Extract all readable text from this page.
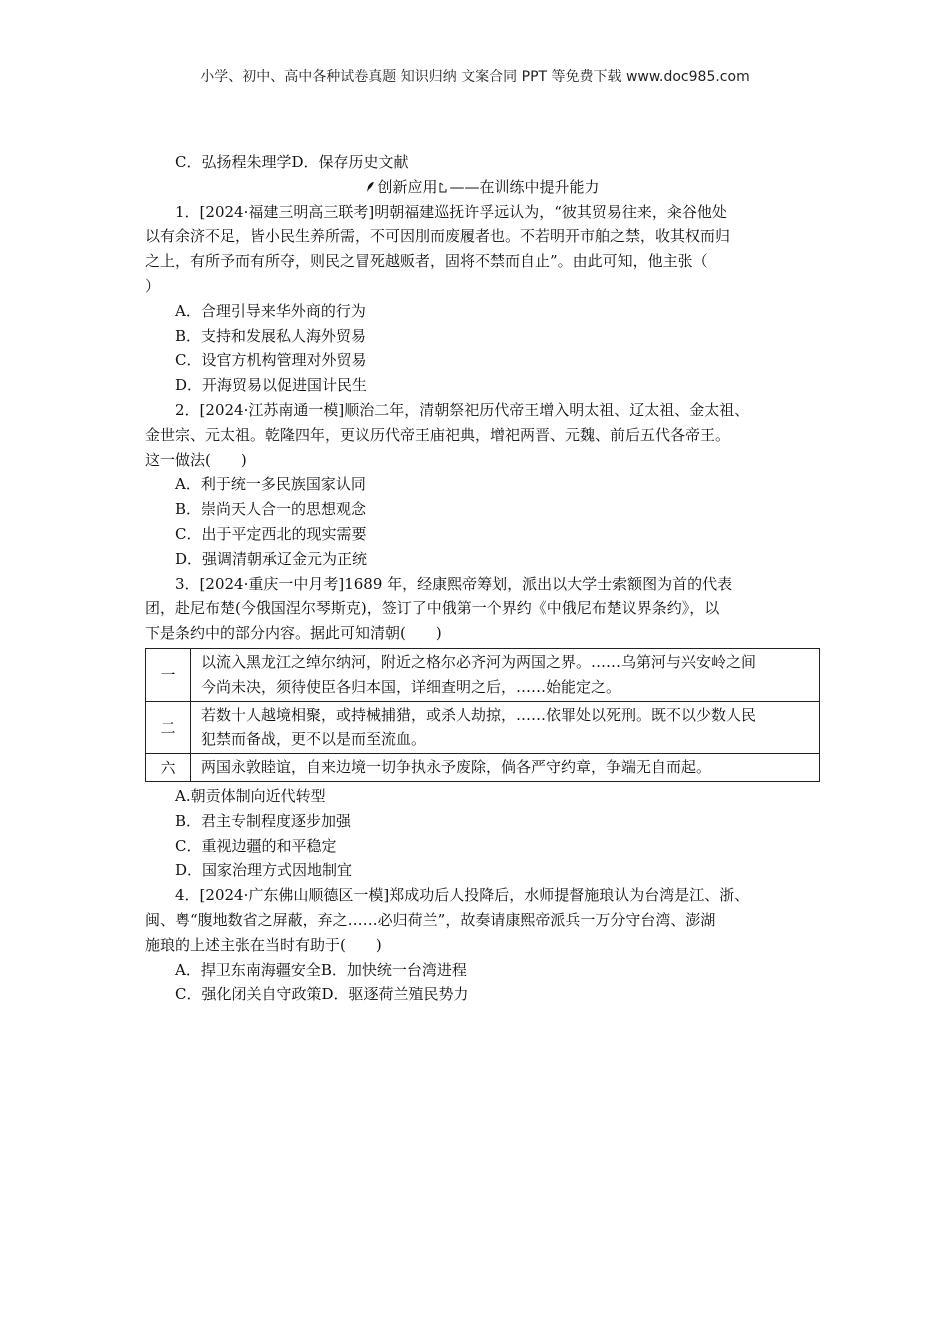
小学、初中、高中各种试卷真题 知识归纳 文案合同 PPT 等免费下载 www.doc985.com
C．弘扬程朱理学D．保存历史文献
创新应用 ——在训练中提升能力
1．[2024·福建三明高三联考]明朝福建巡抚许孚远认为，“彼其贸易往来，籴谷他处
以有余济不足，皆小民生养所需，不可因刖而废履者也。不若明开市舶之禁，收其权而归
之上，有所予而有所夺，则民之冒死越贩者，固将不禁而自止”。由此可知，他主张（
）
A．合理引导来华外商的行为
B．支持和发展私人海外贸易
C．设官方机构管理对外贸易
D．开海贸易以促进国计民生
2．[2024·江苏南通一模]顺治二年，清朝祭祀历代帝王增入明太祖、辽太祖、金太祖、
金世宗、元太祖。乾隆四年，更议历代帝王庙祀典，增祀两晋、元魏、前后五代各帝王。
这一做法(　　)
A．利于统一多民族国家认同
B．崇尚天人合一的思想观念
C．出于平定西北的现实需要
D．强调清朝承辽金元为正统
3．[2024·重庆一中月考]1689 年，经康熙帝筹划，派出以大学士索额图为首的代表
团，赴尼布楚(今俄国涅尔琴斯克)，签订了中俄第一个界约《中俄尼布楚议界条约》，以
下是条约中的部分内容。据此可知清朝(　　)
一	以流入黑龙江之绰尔纳河，附近之格尔必齐河为两国之界。……乌第河与兴安岭之间
今尚未决，须待使臣各归本国，详细查明之后，……始能定之。

二	若数十人越境相聚，或持械捕猎，或杀人劫掠，……依罪处以死刑。既不以少数人民
犯禁而备战，更不以是而至流血。

六	两国永敦睦谊，自来边境一切争执永予废除，倘各严守约章，争端无自而起。
A.朝贡体制向近代转型
B．君主专制程度逐步加强
C．重视边疆的和平稳定
D．国家治理方式因地制宜
4．[2024·广东佛山顺德区一模]郑成功后人投降后，水师提督施琅认为台湾是江、浙、
闽、粤“腹地数省之屏蔽，弃之……必归荷兰”，故奏请康熙帝派兵一万分守台湾、澎湖
施琅的上述主张在当时有助于(　　)
A．捍卫东南海疆安全B．加快统一台湾进程
C．强化闭关自守政策D．驱逐荷兰殖民势力
